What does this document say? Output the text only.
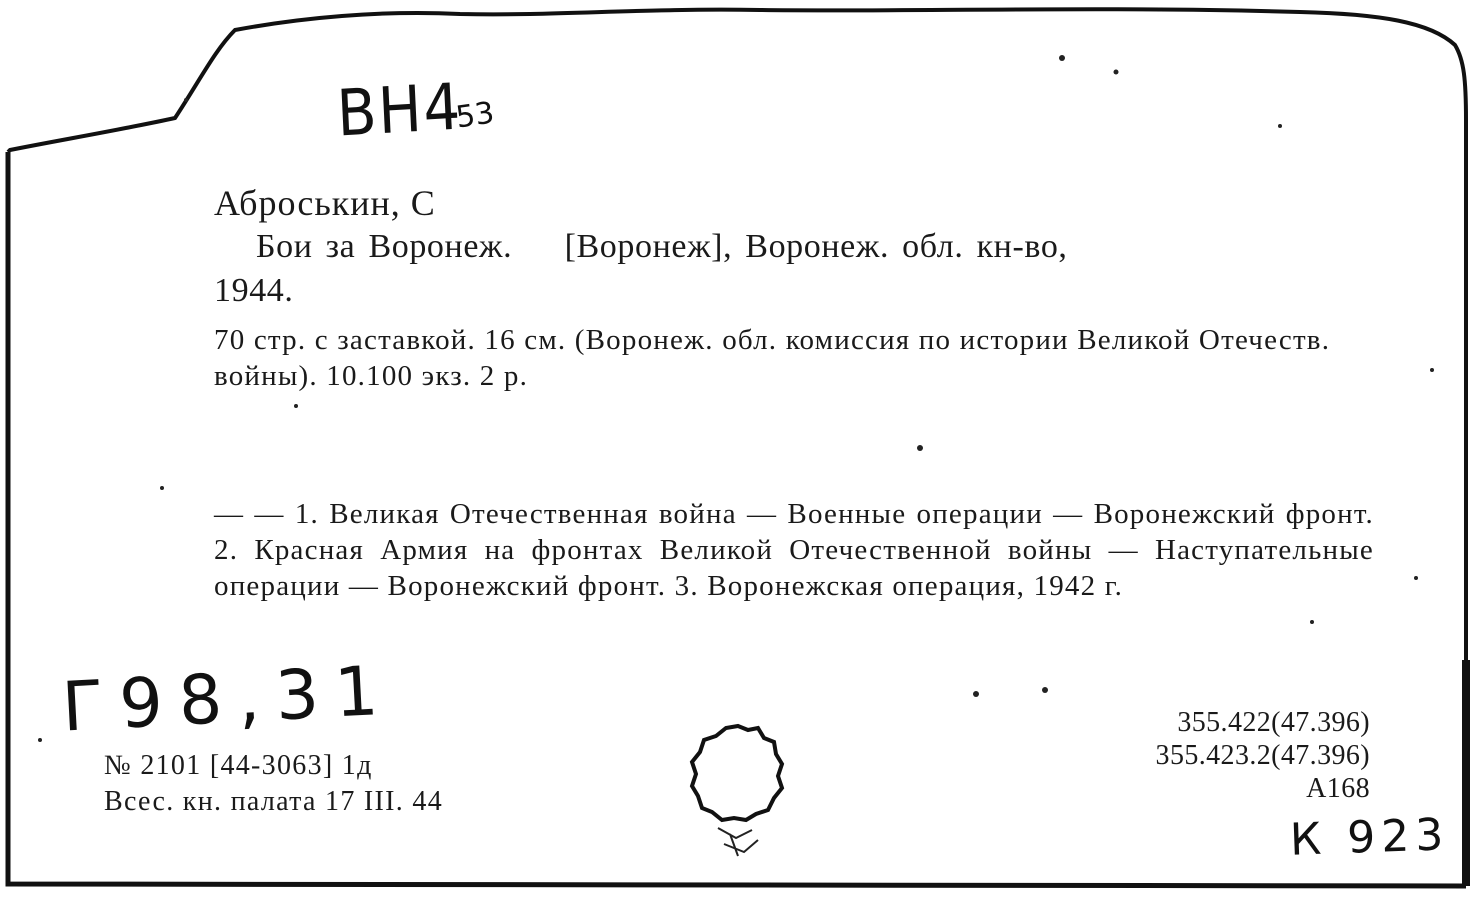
ВН4
53
Аброськин, С
Бои за Воронеж.    [Воронеж], Воронеж. обл. кн-во,
1944.
70 стр. с заставкой. 16 см. (Воронеж. обл. комиссия по истории Великой Отечеств. войны). 10.100 экз. 2 р.

— — 1. Великая Отечественная война — Военные операции — Воронежский фронт. 2. Красная Армия на фронтах Великой Отечественной войны — Наступательные операции — Воронежский фронт. 3. Воронежская операция, 1942 г.

Г98,31
№ 2101 [44-3063] 1д
Всес. кн. палата 17 III. 44
355.422(47.396)
355.423.2(47.396)
А168
К 923
